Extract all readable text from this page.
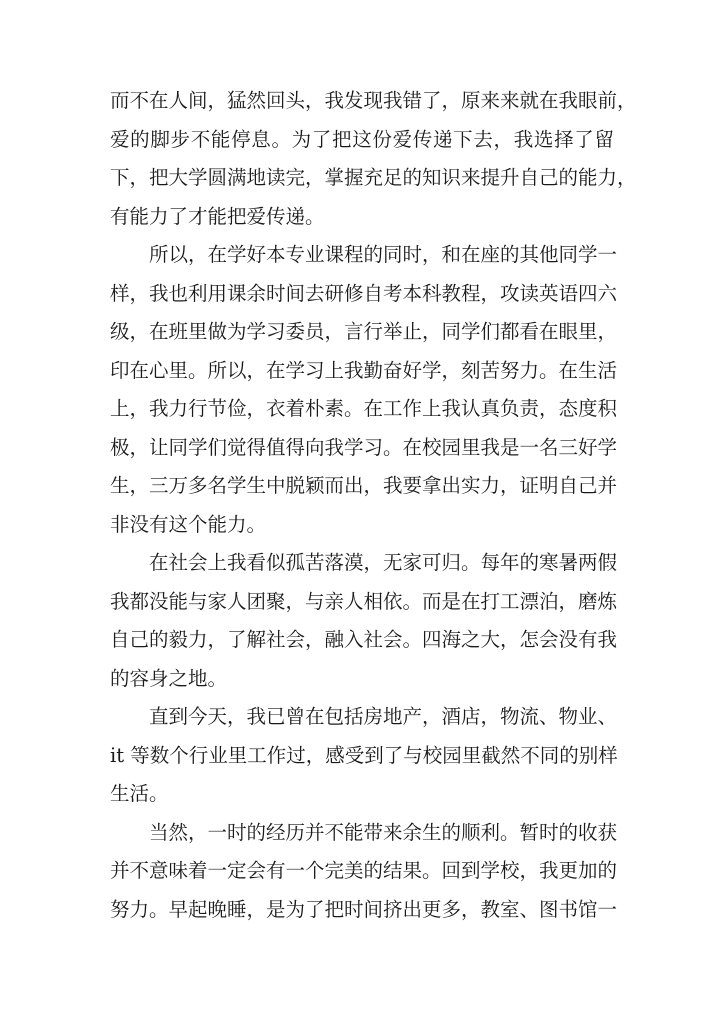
而不在人间，猛然回头，我发现我错了，原来来就在我眼前，
爱的脚步不能停息。为了把这份爱传递下去，我选择了留
下，把大学圆满地读完，掌握充足的知识来提升自己的能力，
有能力了才能把爱传递。
所以，在学好本专业课程的同时，和在座的其他同学一
样，我也利用课余时间去研修自考本科教程，攻读英语四六
级，在班里做为学习委员，言行举止，同学们都看在眼里，
印在心里。所以，在学习上我勤奋好学，刻苦努力。在生活
上，我力行节俭，衣着朴素。在工作上我认真负责，态度积
极，让同学们觉得值得向我学习。在校园里我是一名三好学
生，三万多名学生中脱颖而出，我要拿出实力，证明自己并
非没有这个能力。
在社会上我看似孤苦落漠，无家可归。每年的寒暑两假
我都没能与家人团聚，与亲人相依。而是在打工漂泊，磨炼
自己的毅力，了解社会，融入社会。四海之大，怎会没有我
的容身之地。
直到今天，我已曾在包括房地产，酒店，物流、物业、
it 等数个行业里工作过，感受到了与校园里截然不同的别样
生活。
当然，一时的经历并不能带来余生的顺利。暂时的收获
并不意味着一定会有一个完美的结果。回到学校，我更加的
努力。早起晚睡，是为了把时间挤出更多，教室、图书馆一
